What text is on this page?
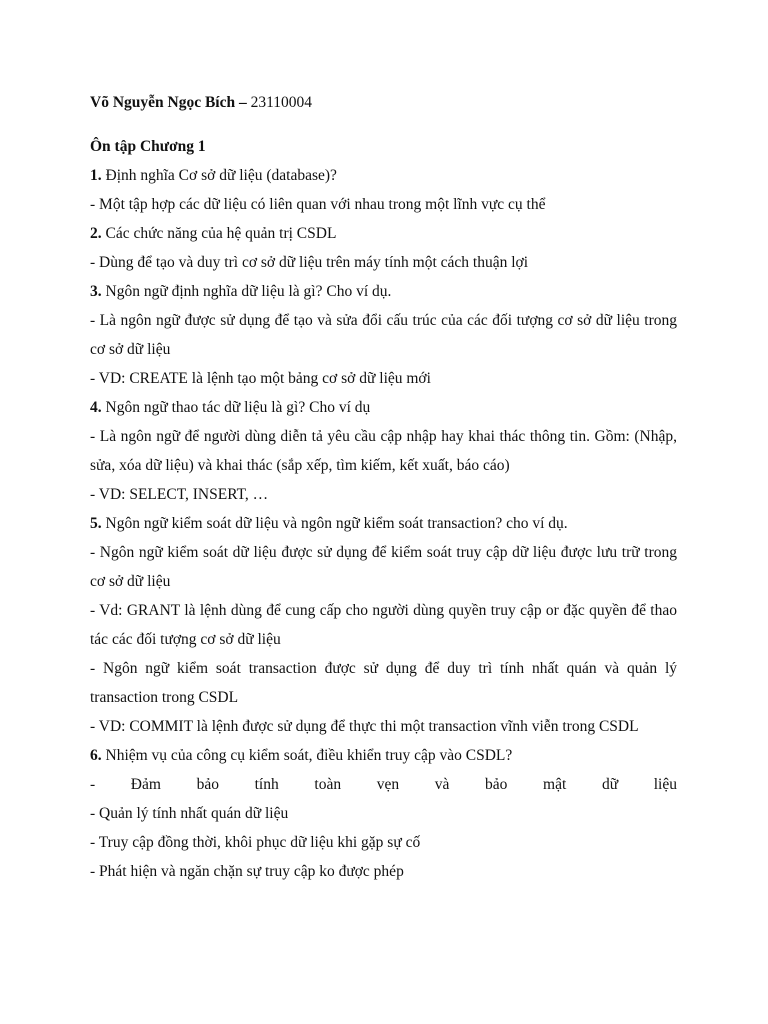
Võ Nguyễn Ngọc Bích – 23110004
Ôn tập Chương 1
1. Định nghĩa Cơ sở dữ liệu (database)?
- Một tập hợp các dữ liệu có liên quan với nhau trong một lĩnh vực cụ thể
2. Các chức năng của hệ quản trị CSDL
- Dùng để tạo và duy trì cơ sở dữ liệu trên máy tính một cách thuận lợi
3. Ngôn ngữ định nghĩa dữ liệu là gì? Cho ví dụ.
- Là ngôn ngữ được sử dụng để tạo và sửa đổi cấu trúc của các đối tượng cơ sở dữ liệu trong cơ sở dữ liệu
- VD: CREATE là lệnh tạo một bảng cơ sở dữ liệu mới
4. Ngôn ngữ thao tác dữ liệu là gì? Cho ví dụ
- Là ngôn ngữ để người dùng diễn tả yêu cầu cập nhập hay khai thác thông tin. Gồm: (Nhập, sửa, xóa dữ liệu) và khai thác (sắp xếp, tìm kiếm, kết xuất, báo cáo)
- VD: SELECT, INSERT, …
5. Ngôn ngữ kiểm soát dữ liệu và ngôn ngữ kiểm soát transaction? cho ví dụ.
- Ngôn ngữ kiểm soát dữ liệu được sử dụng để kiểm soát truy cập dữ liệu được lưu trữ trong cơ sở dữ liệu
- Vd: GRANT là lệnh dùng để cung cấp cho người dùng quyền truy cập or đặc quyền để thao tác các đối tượng cơ sở dữ liệu
- Ngôn ngữ kiểm soát transaction được sử dụng để duy trì tính nhất quán và quản lý transaction trong CSDL
- VD: COMMIT là lệnh được sử dụng để thực thi một transaction vĩnh viễn trong CSDL
6. Nhiệm vụ của công cụ kiểm soát, điều khiển truy cập vào CSDL?
- Đảm bảo tính toàn vẹn và bảo mật dữ liệu
- Quản lý tính nhất quán dữ liệu
- Truy cập đồng thời, khôi phục dữ liệu khi gặp sự cố
- Phát hiện và ngăn chặn sự truy cập ko được phép
